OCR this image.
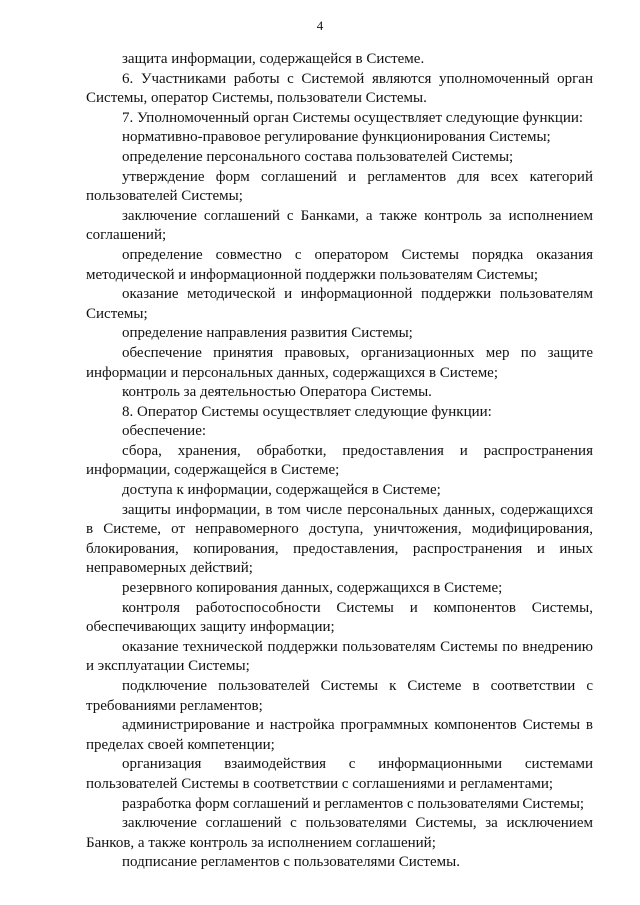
4

защита информации, содержащейся в Системе.

6. Участниками работы с Системой являются уполномоченный орган Системы, оператор Системы, пользователи Системы.

7. Уполномоченный орган Системы осуществляет следующие функции:

нормативно-правовое регулирование функционирования Системы;

определение персонального состава пользователей Системы;

утверждение форм соглашений и регламентов для всех категорий пользователей Системы;

заключение соглашений с Банками, а также контроль за исполнением соглашений;

определение совместно с оператором Системы порядка оказания методической и информационной поддержки пользователям Системы;

оказание методической и информационной поддержки пользователям Системы;

определение направления развития Системы;

обеспечение принятия правовых, организационных мер по защите информации и персональных данных, содержащихся в Системе;

контроль за деятельностью Оператора Системы.

8. Оператор Системы осуществляет следующие функции:

обеспечение:

сбора, хранения, обработки, предоставления и распространения информации, содержащейся в Системе;

доступа к информации, содержащейся в Системе;

защиты информации, в том числе персональных данных, содержащихся в Системе, от неправомерного доступа, уничтожения, модифицирования, блокирования, копирования, предоставления, распространения и иных неправомерных действий;

резервного копирования данных, содержащихся в Системе;

контроля работоспособности Системы и компонентов Системы, обеспечивающих защиту информации;

оказание технической поддержки пользователям Системы по внедрению и эксплуатации Системы;

подключение пользователей Системы к Системе в соответствии с требованиями регламентов;

администрирование и настройка программных компонентов Системы в пределах своей компетенции;

организация взаимодействия с информационными системами пользователей Системы в соответствии с соглашениями и регламентами;

разработка форм соглашений и регламентов с пользователями Системы;

заключение соглашений с пользователями Системы, за исключением Банков, а также контроль за исполнением соглашений;

подписание регламентов с пользователями Системы.
